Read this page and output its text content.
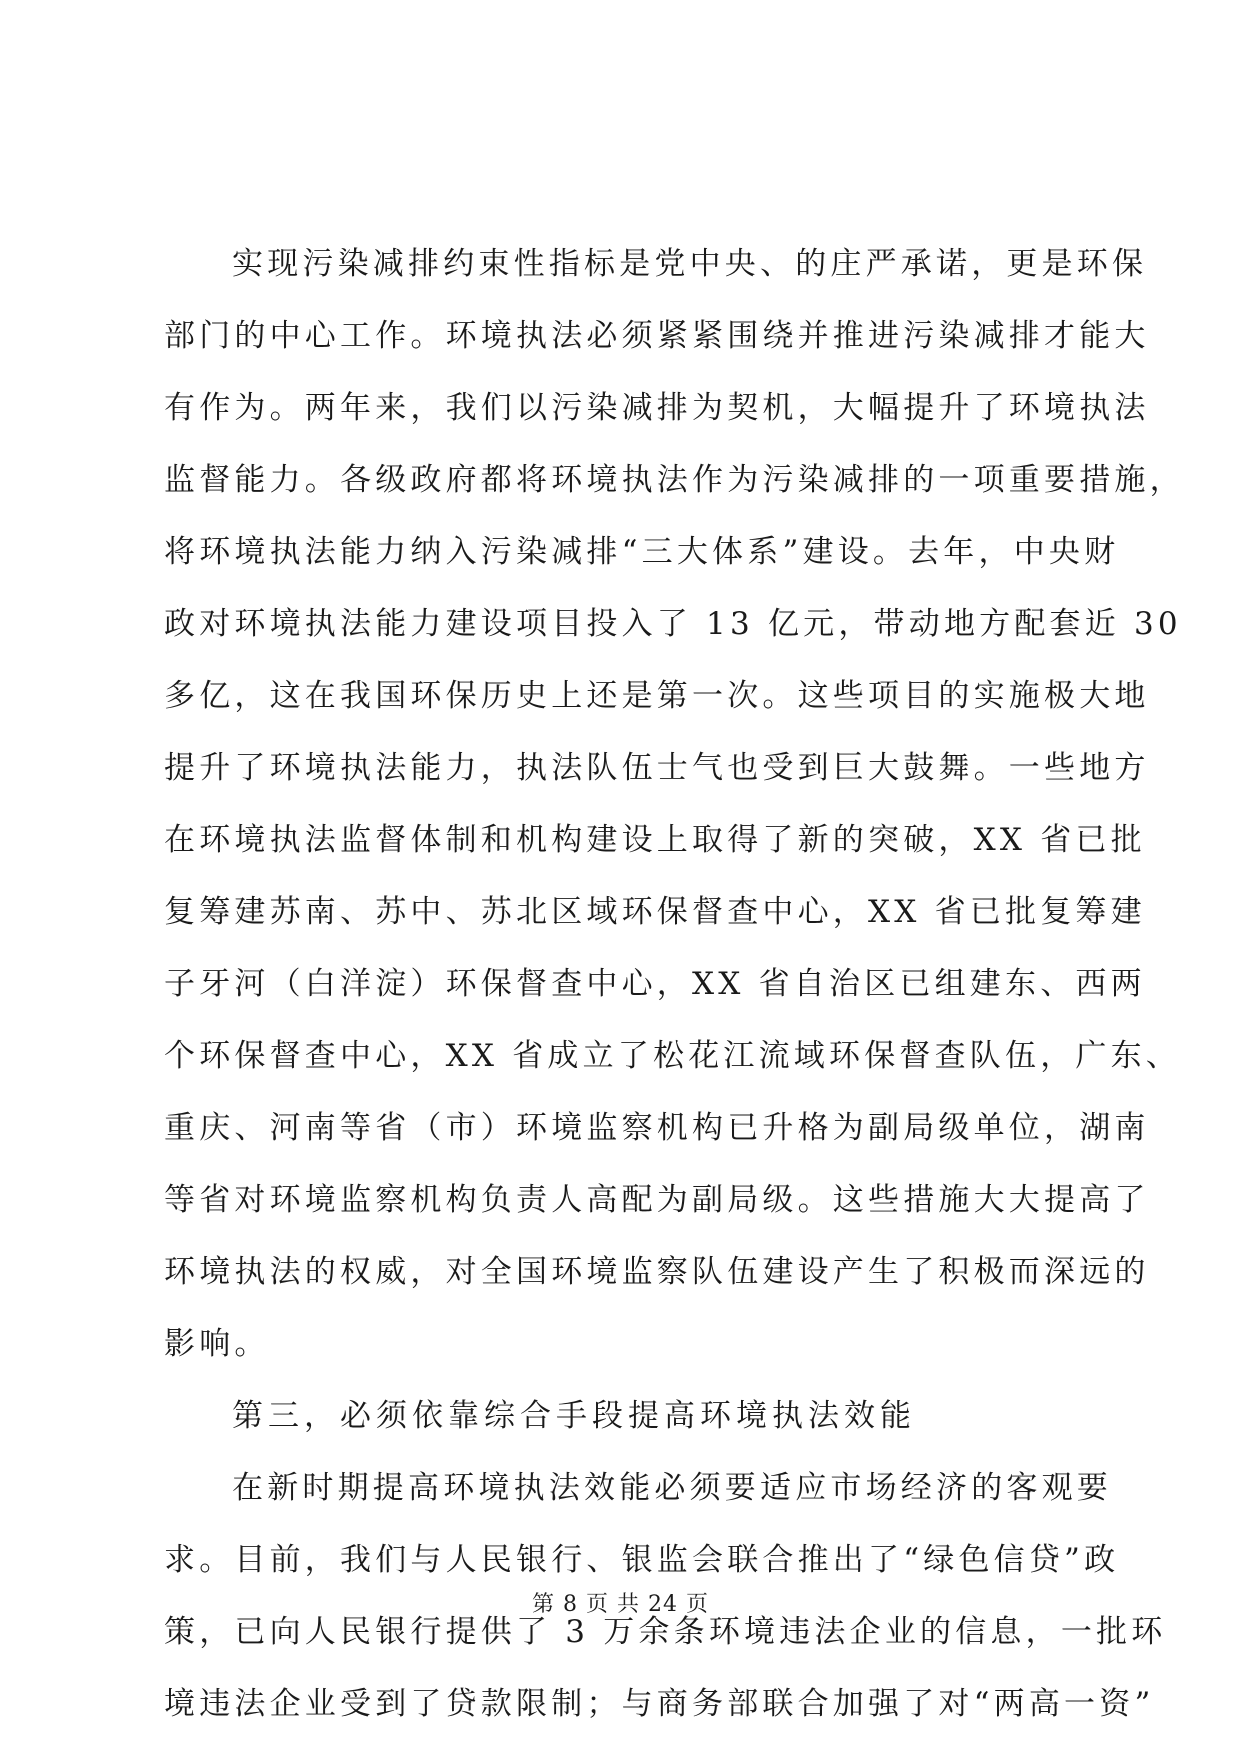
实现污染减排约束性指标是党中央、的庄严承诺，更是环保
部门的中心工作。环境执法必须紧紧围绕并推进污染减排才能大
有作为。两年来，我们以污染减排为契机，大幅提升了环境执法
监督能力。各级政府都将环境执法作为污染减排的一项重要措施，
将环境执法能力纳入污染减排“三大体系”建设。去年，中央财
政对环境执法能力建设项目投入了 13 亿元，带动地方配套近 30
多亿，这在我国环保历史上还是第一次。这些项目的实施极大地
提升了环境执法能力，执法队伍士气也受到巨大鼓舞。一些地方
在环境执法监督体制和机构建设上取得了新的突破，XX 省已批
复筹建苏南、苏中、苏北区域环保督查中心，XX 省已批复筹建
子牙河（白洋淀）环保督查中心，XX 省自治区已组建东、西两
个环保督查中心，XX 省成立了松花江流域环保督查队伍，广东、
重庆、河南等省（市）环境监察机构已升格为副局级单位，湖南
等省对环境监察机构负责人高配为副局级。这些措施大大提高了
环境执法的权威，对全国环境监察队伍建设产生了积极而深远的
影响。
第三，必须依靠综合手段提高环境执法效能
在新时期提高环境执法效能必须要适应市场经济的客观要
求。目前，我们与人民银行、银监会联合推出了“绿色信贷”政
策，已向人民银行提供了 3 万余条环境违法企业的信息，一批环
境违法企业受到了贷款限制；与商务部联合加强了对“两高一资”
第 8 页 共 24 页
